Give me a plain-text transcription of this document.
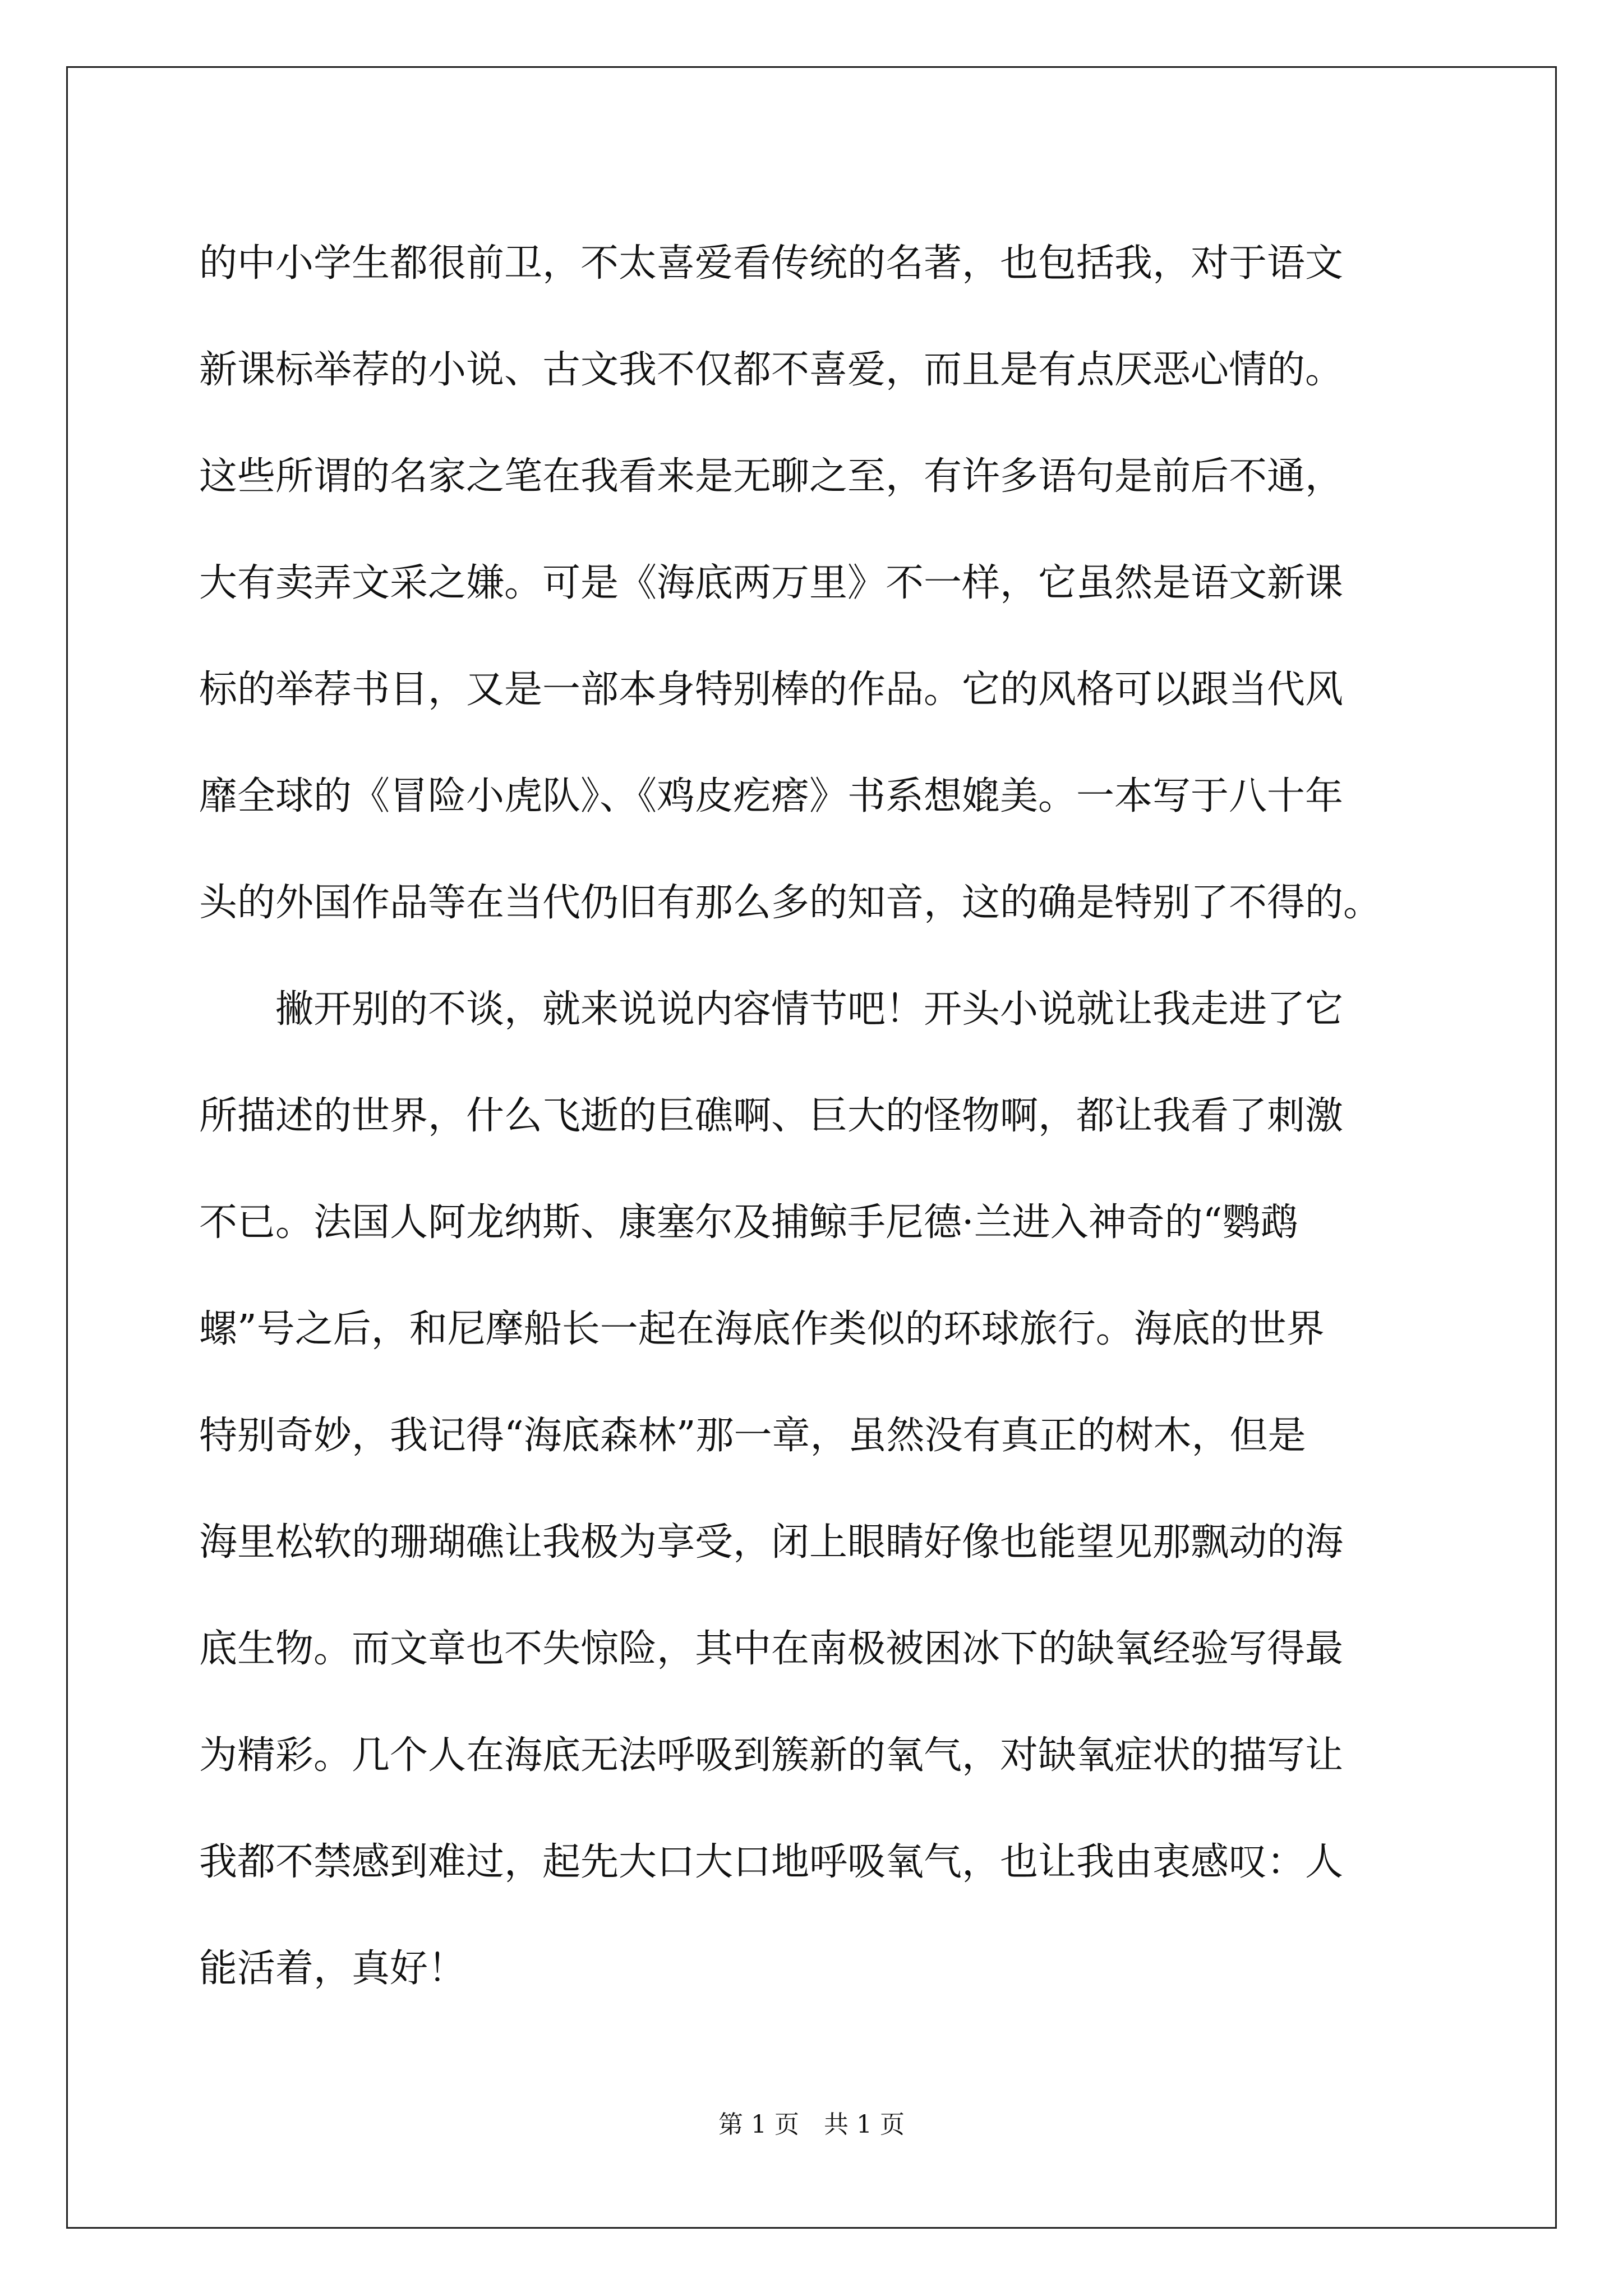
的中小学生都很前卫，不太喜爱看传统的名著，也包括我，对于语文
新课标举荐的小说、古文我不仅都不喜爱，而且是有点厌恶心情的。
这些所谓的名家之笔在我看来是无聊之至，有许多语句是前后不通，
大有卖弄文采之嫌。可是《海底两万里》不一样，它虽然是语文新课
标的举荐书目，又是一部本身特别棒的作品。它的风格可以跟当代风
靡全球的《冒险小虎队》、《鸡皮疙瘩》书系想媲美。一本写于八十年
头的外国作品等在当代仍旧有那么多的知音，这的确是特别了不得的。
　　撇开别的不谈，就来说说内容情节吧！开头小说就让我走进了它
所描述的世界，什么飞逝的巨礁啊、巨大的怪物啊，都让我看了刺激
不已。法国人阿龙纳斯、康塞尔及捕鲸手尼德·兰进入神奇的“鹦鹉
螺”号之后，和尼摩船长一起在海底作类似的环球旅行。海底的世界
特别奇妙，我记得“海底森林”那一章，虽然没有真正的树木，但是
海里松软的珊瑚礁让我极为享受，闭上眼睛好像也能望见那飘动的海
底生物。而文章也不失惊险，其中在南极被困冰下的缺氧经验写得最
为精彩。几个人在海底无法呼吸到簇新的氧气，对缺氧症状的描写让
我都不禁感到难过，起先大口大口地呼吸氧气，也让我由衷感叹：人
能活着，真好！
第 1 页　共 1 页
